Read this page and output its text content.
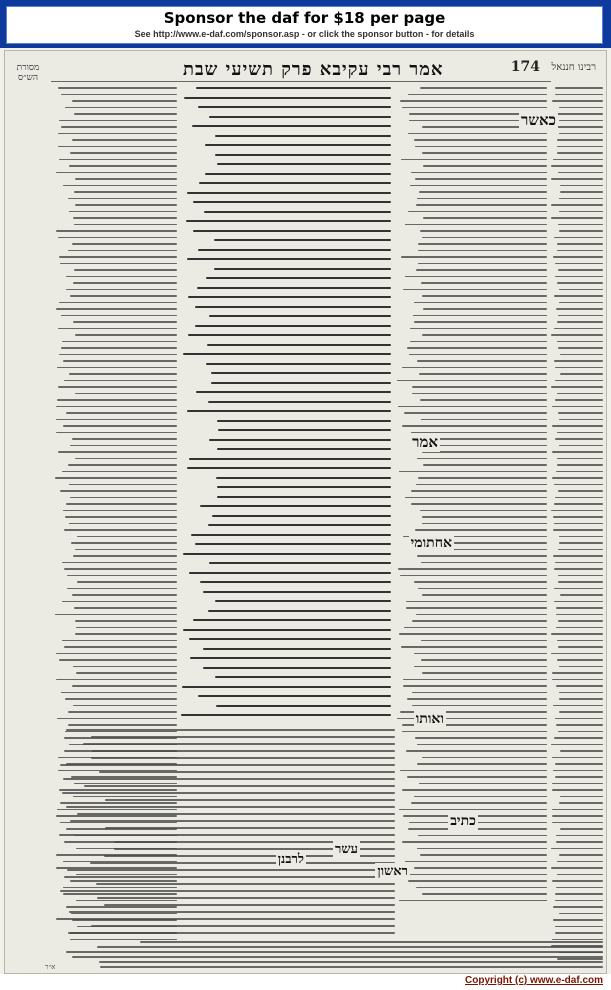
Sponsor the daf for $18 per page
See http://www.e-daf.com/sponsor.asp - or click the sponsor button - for details
רבינו חננאל
174
אמר רבי עקיבא פרק תשיעי שבת
מסורת הש״ס
כאשר
אמר
אחתומי
ואותו
כתיב
ראשון
עשר
לרבנן
א״ר
Copyright (c) www.e-daf.com
